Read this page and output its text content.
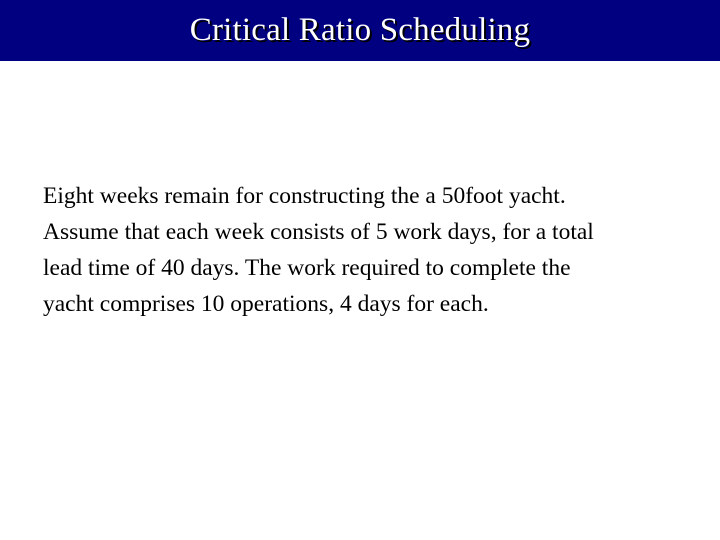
Critical Ratio Scheduling
Eight weeks remain for constructing the a 50foot yacht.
Assume that each week consists of 5 work days, for a total
lead time of 40 days. The work required to complete the
yacht comprises 10 operations, 4 days for each.
